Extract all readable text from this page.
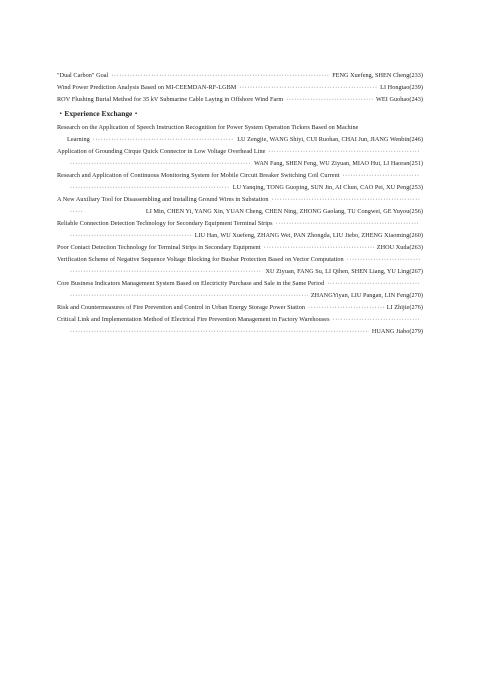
"Dual Carbon" Goal ·····	FENG Xuefeng, SHEN Cheng(233)
Wind Power Prediction Analysis Based on MI-CEEMDAN-RF-LGBM ·····	LI Hongtao(239)
ROV Flushing Burial Method for 35 kV Submarine Cable Laying in Offshore Wind Farm ·····	WEI Guohao(243)
・Experience Exchange・
Research on the Application of Speech Instruction Recognition for Power System Operation Tickers Based on Machine
Learning ·····	LU Zengjie, WANG Shiyi, CUI Ruohan, CHAI Jun, JIANG Wenbin(246)
Application of Grounding Cirque Quick Connector in Low Voltage Overhead Line
·····
·····
WAN Fang, SHEN Feng, WU Ziyuan, MIAO Hui, LI Haoran(251)
Research and Application of Continuous Monitoring System for Mobile Circuit Breaker Switching Coil Current
·····
·····
LU Yanqing, TONG Guoping, SUN Jin, AI Chun, CAO Pei, XU Peng(253)
A New Auxiliary Tool for Disassembling and Installing Ground Wires in Substation
·····
·····
LI Min, CHEN Yi, YANG Xin, YUAN Cheng, CHEN Ning, ZHONG Gaolang, TU Congwei, GE Yuyou(256)
Reliable Connection Detection Technology for Secondary Equipment Terminal Strips
·····
·····
LIU Han, WU Xuefeng, ZHANG Wei, PAN Zhongda, LIU Jiebo, ZHENG Xiaoming(260)
Poor Contact Detection Technology for Terminal Strips in Secondary Equipment ·····	ZHOU Xuda(263)
Verification Scheme of Negative Sequence Voltage Blocking for Busbar Protection Based on Vector Computation
·····
·····
XU Ziyuan, FANG Su, LI Qihen, SHEN Liang, YU Ling(267)
Core Business Indicators Management System Based on Electricity Purchase and Sale in the Same Period
·····
·····
ZHANGYiyan, LIU Pangan, LIN Feng(270)
Risk and Countermeasures of Fire Prevention and Control in Urban Energy Storage Power Station ·····	LI Zhijie(276)
Critical Link and Implementation Method of Electrical Fire Prevention Management in Factory Warehouses
·····
·····
HUANG Jiabo(279)
